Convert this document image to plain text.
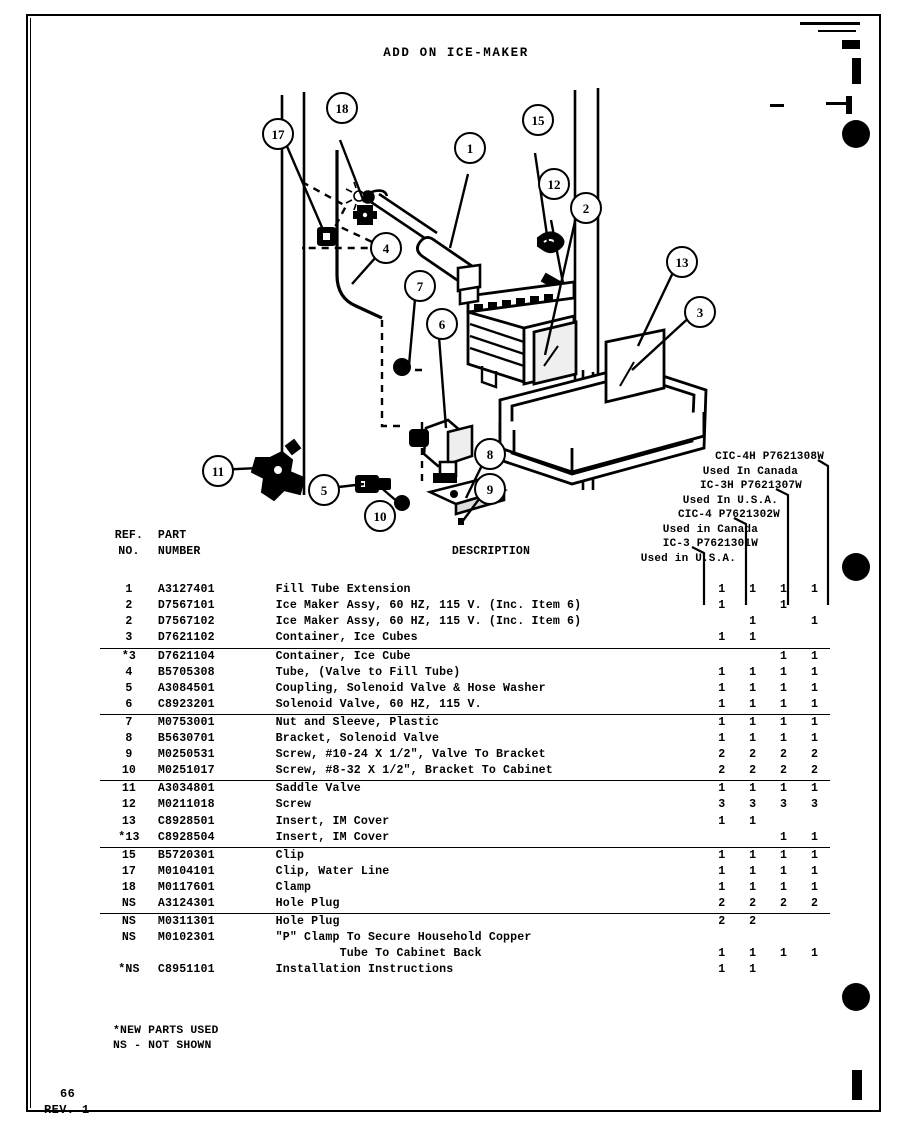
ADD ON ICE-MAKER
17
18
1
15
12
2
4
7
6
13
3
11
5
10
8
9
CIC-4H P7621308W
Used In Canada
IC-3H P7621307W
Used In U.S.A.
CIC-4 P7621302W
Used in Canada
IC-3 P7621301W
Used in U.S.A.
REF.
NO.

PART
NUMBER	DESCRIPTION

1	A3127401	Fill Tube Extension	1	1	1	1
2	D7567101	Ice Maker Assy, 60 HZ, 115 V. (Inc. Item 6)	1		1	
2	D7567102	Ice Maker Assy, 60 HZ, 115 V. (Inc. Item 6)		1		1
3	D7621102	Container, Ice Cubes	1	1		
*3	D7621104	Container, Ice Cube			1	1
4	B5705308	Tube, (Valve to Fill Tube)	1	1	1	1
5	A3084501	Coupling, Solenoid Valve & Hose Washer	1	1	1	1
6	C8923201	Solenoid Valve, 60 HZ, 115 V.	1	1	1	1
7	M0753001	Nut and Sleeve, Plastic	1	1	1	1
8	B5630701	Bracket, Solenoid Valve	1	1	1	1
9	M0250531	Screw, #10-24 X 1/2", Valve To Bracket	2	2	2	2
10	M0251017	Screw, #8-32 X 1/2", Bracket To Cabinet	2	2	2	2
11	A3034801	Saddle Valve	1	1	1	1
12	M0211018	Screw	3	3	3	3
13	C8928501	Insert, IM Cover	1	1		
*13	C8928504	Insert, IM Cover			1	1
15	B5720301	Clip	1	1	1	1
17	M0104101	Clip, Water Line	1	1	1	1
18	M0117601	Clamp	1	1	1	1
NS	A3124301	Hole Plug	2	2	2	2
NS	M0311301	Hole Plug	2	2		
NS	M0102301	"P" Clamp To Secure Household Copper				
		Tube To Cabinet Back	1	1	1	1
*NS	C8951101	Installation Instructions	1	1		
*NEW PARTS USED
NS - NOT SHOWN
66
REV. 1
